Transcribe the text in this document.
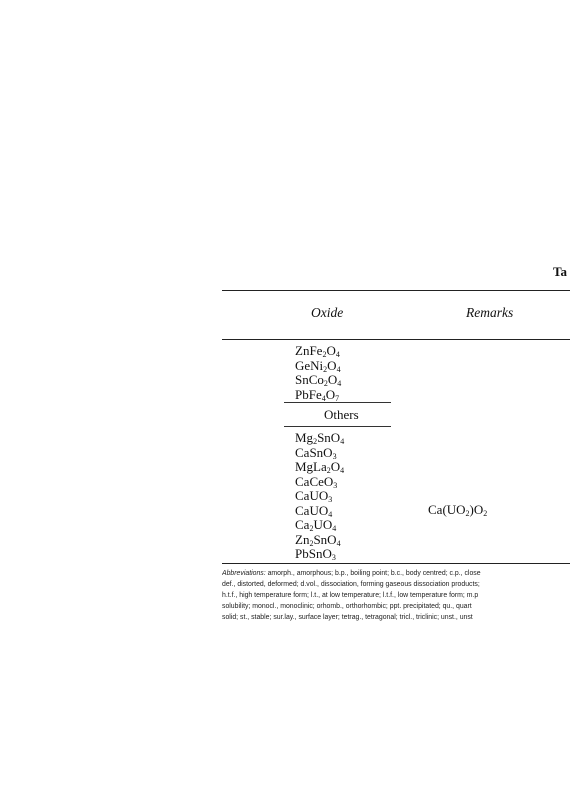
Ta
Oxide	Remarks
$ZnFe_2O_4$
$GeNi_2O_4$
$SnCo_2O_4$
$PbFe_4O_7$
Others
$Mg_2SnO_4$
CaSnO$_3$
$MgLa_2O_4$
CaCeO$_3$
CaUO$_3$
CaUO$_4$
$Ca_2UO_4$
$Zn_2SnO_4$
PbSnO$_3$
$Ca(UO_2)O_2$
Abbreviations: amorph., amorphous; b.p., boiling point; b.c., body centred; c.p., close
def., distorted, deformed; d.vol., dissociation, forming gaseous dissociation products;
h.t.f., high temperature form; l.t., at low temperature; l.t.f., low temperature form; m.p
solubility; monocl., monoclinic; orhomb., orthorhombic; ppt. precipitated; qu., quart
solid; st., stable; sur.lay., surface layer; tetrag., tetragonal; tricl., triclinic; unst., unst
